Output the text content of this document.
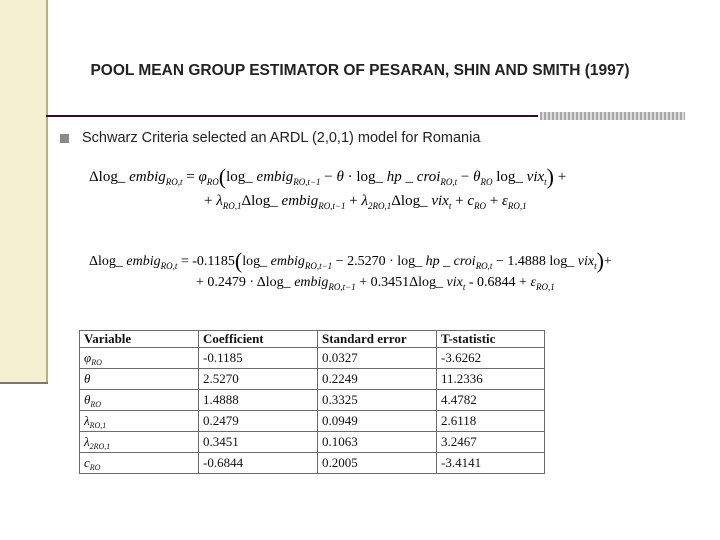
POOL MEAN GROUP ESTIMATOR OF PESARAN, SHIN AND SMITH (1997)
Schwarz Criteria selected an ARDL (2,0,1) model for Romania
Δlog_ embig$_{RO,t}$ = $\varphi_{RO}(\log\_$ embig$_{RO,t-1}$ − θ · log_ hp _ croi$_{RO,t}$ − $\theta_{RO}$ log_ vix$_t$) +
+ $\lambda_{RO,1}\Delta\log\_$ embig$_{RO,t-1}$ + $\lambda_{2RO,1}\Delta\log\_$ $vix_t + c_{RO} + \varepsilon_{RO,1}$
Δlog_ embig$_{RO,t}$ = -0.1185(log_ embig$_{RO,t-1}$ − 2.5270 · log_ hp _ croi$_{RO,t}$ − 1.4888 log_ vix$_t$)+
+ 0.2479 · Δlog_ embig$_{RO,t-1}$ + 0.3451Δlog_ $vix_t - 0.6844 + \varepsilon_{RO,1}$
Variable	Coefficient	Standard error	T-statistic
$\varphi_{RO}$	-0.1185	0.0327	-3.6262
θ	2.5270	0.2249	11.2336
$\theta_{RO}$	1.4888	0.3325	4.4782
$\lambda_{RO,1}$	0.2479	0.0949	2.6118
$\lambda_{2RO,1}$	0.3451	0.1063	3.2467
$c_{RO}$	-0.6844	0.2005	-3.4141
